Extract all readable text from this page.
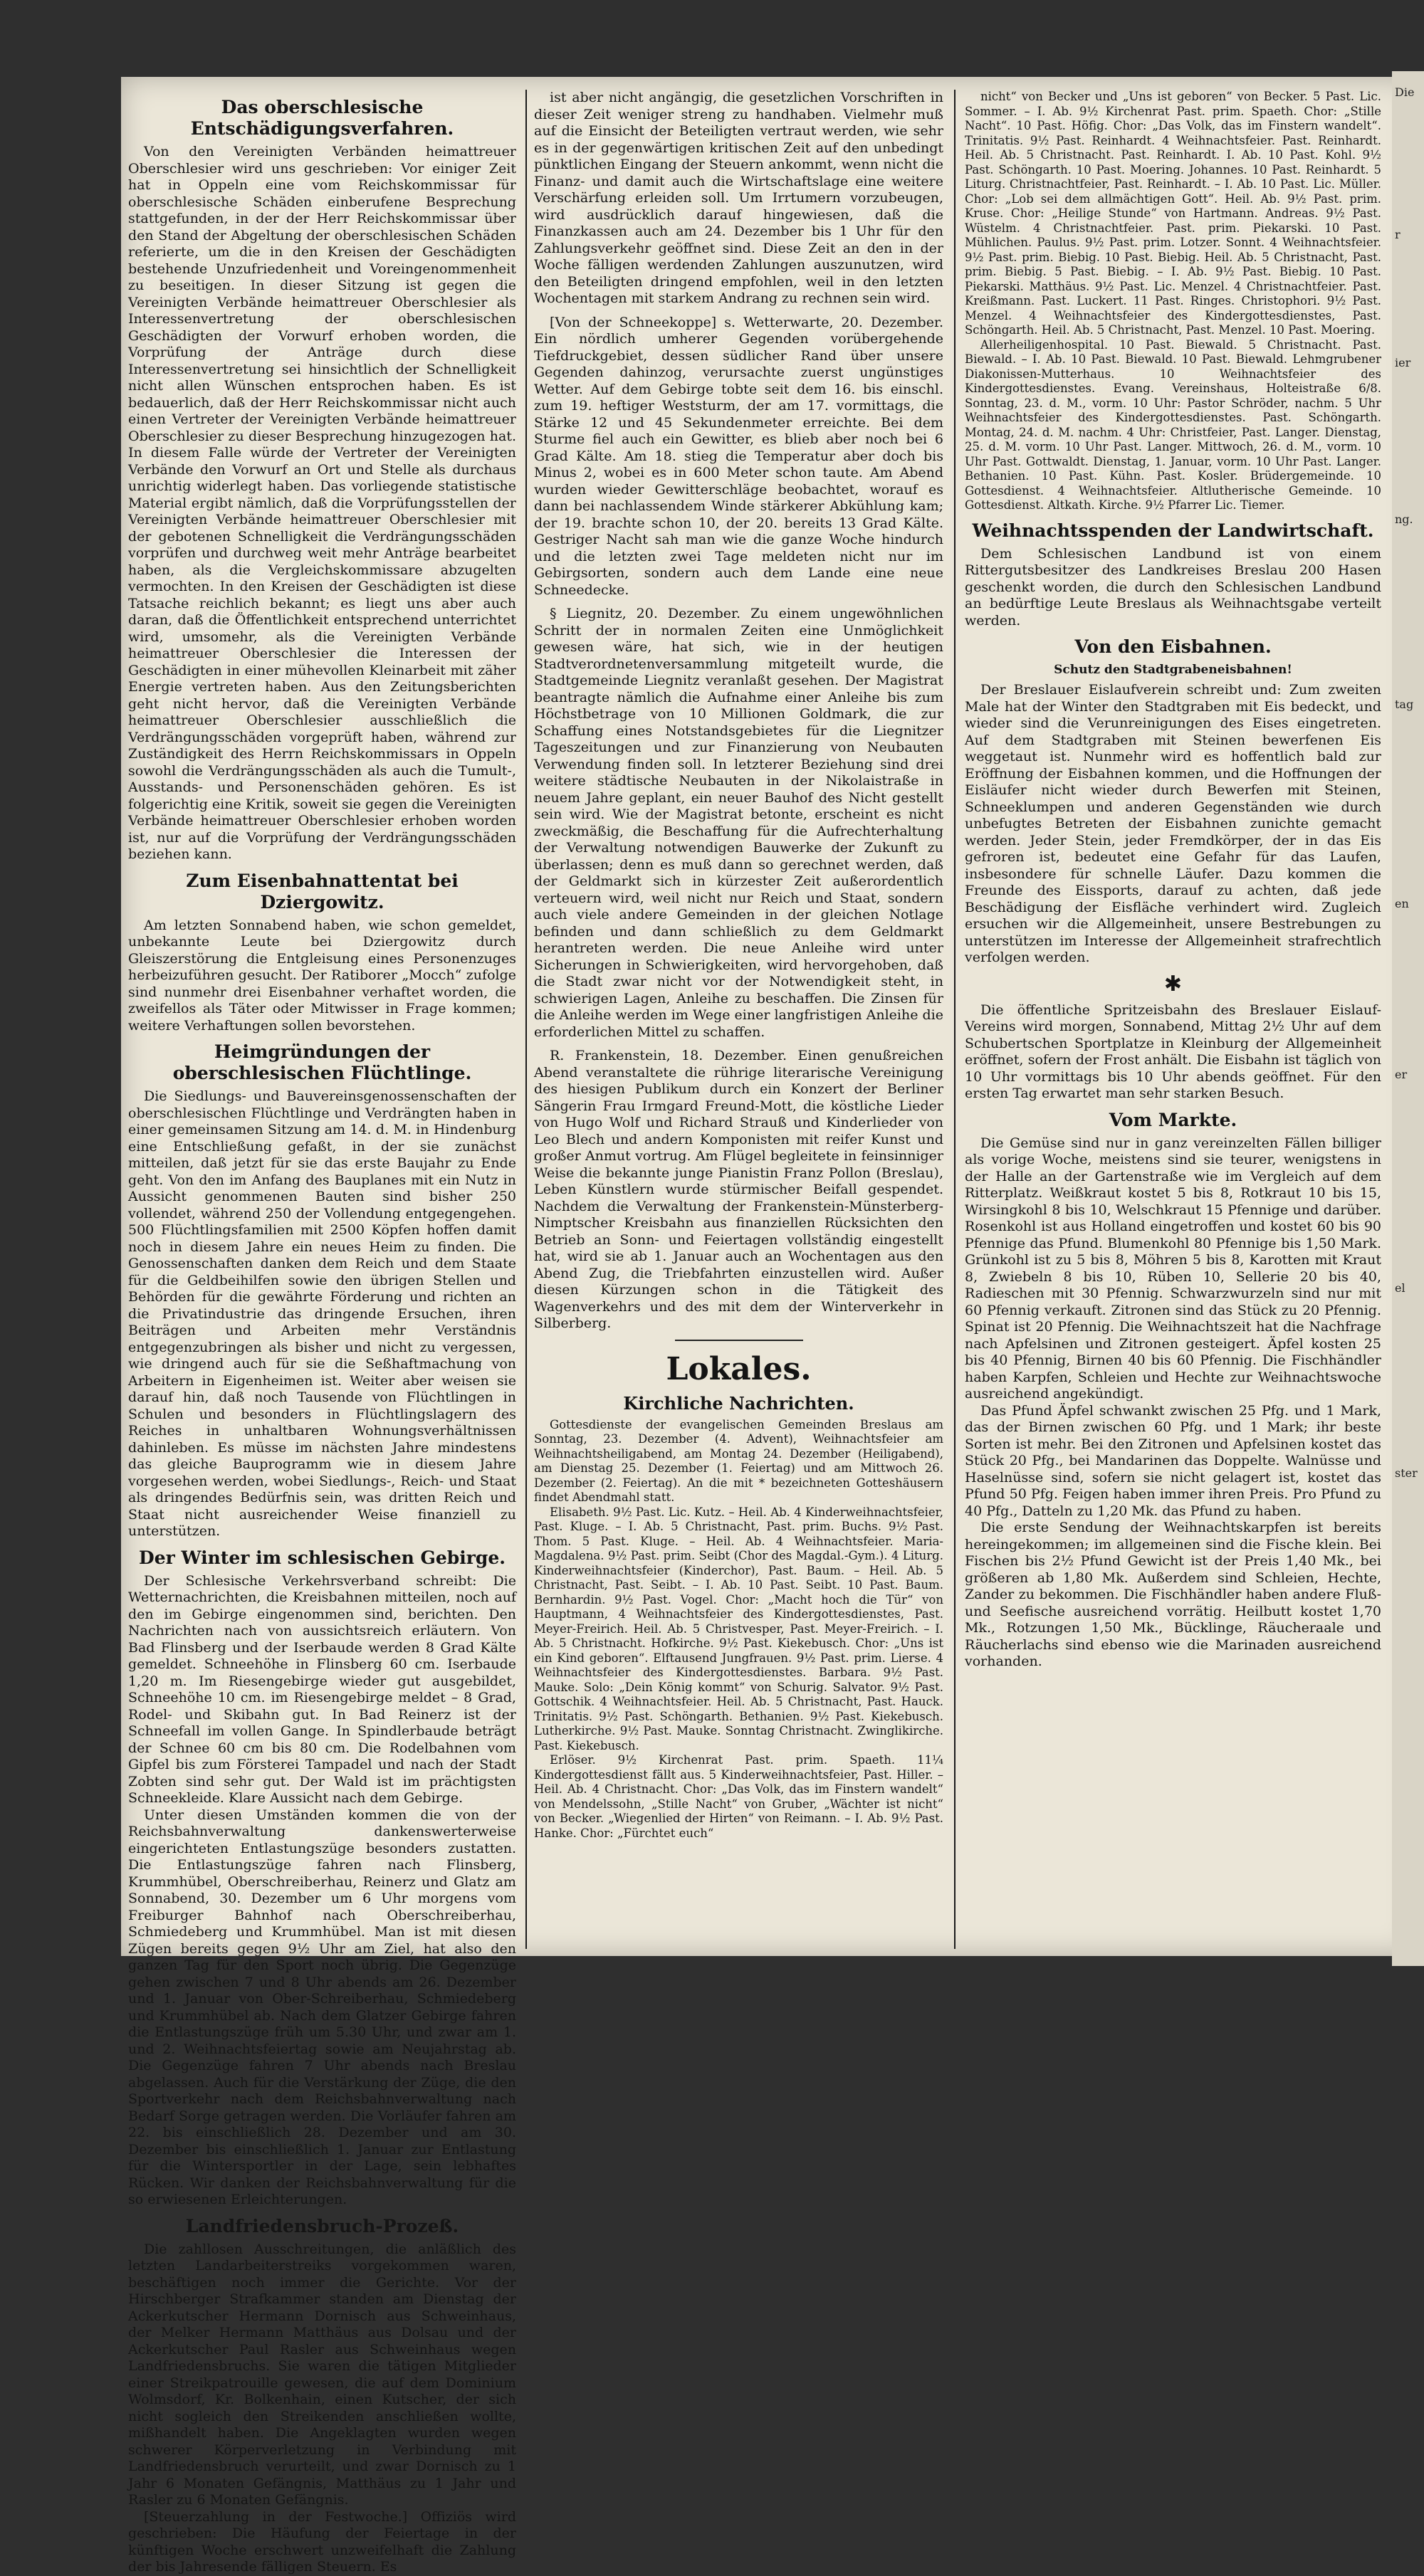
Das oberschlesische Entschädigungsverfahren.

Von den Vereinigten Verbänden heimattreuer Oberschlesier wird uns geschrieben: Vor einiger Zeit hat in Oppeln eine vom Reichskommissar für oberschlesische Schäden einberufene Besprechung stattgefunden, in der der Herr Reichskommissar über den Stand der Abgeltung der oberschlesischen Schäden referierte, um die in den Kreisen der Geschädigten bestehende Unzufriedenheit und Voreingenommenheit zu beseitigen. In dieser Sitzung ist gegen die Vereinigten Verbände heimattreuer Oberschlesier als Interessenvertretung der oberschlesischen Geschädigten der Vorwurf erhoben worden, die Vorprüfung der Anträge durch diese Interessenvertretung sei hinsichtlich der Schnelligkeit nicht allen Wünschen entsprochen haben. Es ist bedauerlich, daß der Herr Reichskommissar nicht auch einen Vertreter der Vereinigten Verbände heimattreuer Oberschlesier zu dieser Besprechung hinzugezogen hat. In diesem Falle würde der Vertreter der Vereinigten Verbände den Vorwurf an Ort und Stelle als durchaus unrichtig widerlegt haben. Das vorliegende statistische Material ergibt nämlich, daß die Vorprüfungsstellen der Vereinigten Verbände heimattreuer Oberschlesier mit der gebotenen Schnelligkeit die Verdrängungsschäden vorprüfen und durchweg weit mehr Anträge bearbeitet haben, als die Vergleichskommissare abzugelten vermochten. In den Kreisen der Geschädigten ist diese Tatsache reichlich bekannt; es liegt uns aber auch daran, daß die Öffentlichkeit entsprechend unterrichtet wird, umsomehr, als die Vereinigten Verbände heimattreuer Oberschlesier die Interessen der Geschädigten in einer mühevollen Kleinarbeit mit zäher Energie vertreten haben. Aus den Zeitungsberichten geht nicht hervor, daß die Vereinigten Verbände heimattreuer Oberschlesier ausschließlich die Verdrängungsschäden vorgeprüft haben, während zur Zuständigkeit des Herrn Reichskommissars in Oppeln sowohl die Verdrängungsschäden als auch die Tumult-, Ausstands- und Personenschäden gehören. Es ist folgerichtig eine Kritik, soweit sie gegen die Vereinigten Verbände heimattreuer Oberschlesier erhoben worden ist, nur auf die Vorprüfung der Verdrängungsschäden beziehen kann.

Zum Eisenbahnattentat bei Dziergowitz.

Am letzten Sonnabend haben, wie schon gemeldet, unbekannte Leute bei Dziergowitz durch Gleiszerstörung die Entgleisung eines Personenzuges herbeizuführen gesucht. Der Ratiborer „Mocch“ zufolge sind nunmehr drei Eisenbahner verhaftet worden, die zweifellos als Täter oder Mitwisser in Frage kommen; weitere Verhaftungen sollen bevorstehen.

Heimgründungen der oberschlesischen Flüchtlinge.

Die Siedlungs- und Bauvereinsgenossenschaften der oberschlesischen Flüchtlinge und Verdrängten haben in einer gemeinsamen Sitzung am 14. d. M. in Hindenburg eine Entschließung gefaßt, in der sie zunächst mitteilen, daß jetzt für sie das erste Baujahr zu Ende geht. Von den im Anfang des Bauplanes mit ein Nutz in Aussicht genommenen Bauten sind bisher 250 vollendet, während 250 der Vollendung entgegengehen. 500 Flüchtlingsfamilien mit 2500 Köpfen hoffen damit noch in diesem Jahre ein neues Heim zu finden. Die Genossenschaften danken dem Reich und dem Staate für die Geldbeihilfen sowie den übrigen Stellen und Behörden für die gewährte Förderung und richten an die Privatindustrie das dringende Ersuchen, ihren Beiträgen und Arbeiten mehr Verständnis entgegenzubringen als bisher und nicht zu vergessen, wie dringend auch für sie die Seßhaftmachung von Arbeitern in Eigenheimen ist. Weiter aber weisen sie darauf hin, daß noch Tausende von Flüchtlingen in Schulen und besonders in Flüchtlingslagern des Reiches in unhaltbaren Wohnungsverhältnissen dahinleben. Es müsse im nächsten Jahre mindestens das gleiche Bauprogramm wie in diesem Jahre vorgesehen werden, wobei Siedlungs-, Reich- und Staat als dringendes Bedürfnis sein, was dritten Reich und Staat nicht ausreichender Weise finanziell zu unterstützen.

Der Winter im schlesischen Gebirge.

Der Schlesische Verkehrsverband schreibt: Die Wetternachrichten, die Kreisbahnen mitteilen, noch auf den im Gebirge eingenommen sind, berichten. Den Nachrichten nach von aussichtsreich erläutern. Von Bad Flinsberg und der Iserbaude werden 8 Grad Kälte gemeldet. Schneehöhe in Flinsberg 60 cm. Iserbaude 1,20 m. Im Riesengebirge wieder gut ausgebildet, Schneehöhe 10 cm. im Riesengebirge meldet – 8 Grad, Rodel- und Skibahn gut. In Bad Reinerz ist der Schneefall im vollen Gange. In Spindlerbaude beträgt der Schnee 60 cm bis 80 cm. Die Rodelbahnen vom Gipfel bis zum Försterei Tampadel und nach der Stadt Zobten sind sehr gut. Der Wald ist im prächtigsten Schneekleide. Klare Aussicht nach dem Gebirge.

Unter diesen Umständen kommen die von der Reichsbahnverwaltung dankenswerterweise eingerichteten Entlastungszüge besonders zustatten. Die Entlastungszüge fahren nach Flinsberg, Krummhübel, Oberschreiberhau, Reinerz und Glatz am Sonnabend, 30. Dezember um 6 Uhr morgens vom Freiburger Bahnhof nach Oberschreiberhau, Schmiedeberg und Krummhübel. Man ist mit diesen Zügen bereits gegen 9½ Uhr am Ziel, hat also den ganzen Tag für den Sport noch übrig. Die Gegenzüge gehen zwischen 7 und 8 Uhr abends am 26. Dezember und 1. Januar von Ober-Schreiberhau, Schmiedeberg und Krummhübel ab. Nach dem Glatzer Gebirge fahren die Entlastungszüge früh um 5.30 Uhr, und zwar am 1. und 2. Weihnachtsfeiertag sowie am Neujahrstag ab. Die Gegenzüge fahren 7 Uhr abends nach Breslau abgelassen. Auch für die Verstärkung der Züge, die den Sportverkehr nach dem Reichsbahnverwaltung nach Bedarf Sorge getragen werden. Die Vorläufer fahren am 22. bis einschließlich 28. Dezember und am 30. Dezember bis einschließlich 1. Januar zur Entlastung für die Wintersportler in der Lage, sein lebhaftes Rücken. Wir danken der Reichsbahnverwaltung für die so erwiesenen Erleichterungen.

Landfriedensbruch-Prozeß.

Die zahllosen Ausschreitungen, die anläßlich des letzten Landarbeiterstreiks vorgekommen waren, beschäftigen noch immer die Gerichte. Vor der Hirschberger Strafkammer standen am Dienstag der Ackerkutscher Hermann Dornisch aus Schweinhaus, der Melker Hermann Matthäus aus Dolsau und der Ackerkutscher Paul Rasler aus Schweinhaus wegen Landfriedensbruchs. Sie waren die tätigen Mitglieder einer Streikpatrouille gewesen, die auf dem Dominium Wolmsdorf, Kr. Bolkenhain, einen Kutscher, der sich nicht sogleich den Streikenden anschließen wollte, mißhandelt haben. Die Angeklagten wurden wegen schwerer Körperverletzung in Verbindung mit Landfriedensbruch verurteilt, und zwar Dornisch zu 1 Jahr 6 Monaten Gefängnis, Matthäus zu 1 Jahr und Rasler zu 6 Monaten Gefängnis.

[Steuerzahlung in der Festwoche.] Offiziös wird geschrieben: Die Häufung der Feiertage in der künftigen Woche erschwert unzweifelhaft die Zahlung der bis Jahresende fälligen Steuern. Es

ist aber nicht angängig, die gesetzlichen Vorschriften in dieser Zeit weniger streng zu handhaben. Vielmehr muß auf die Einsicht der Beteiligten vertraut werden, wie sehr es in der gegenwärtigen kritischen Zeit auf den unbedingt pünktlichen Eingang der Steuern ankommt, wenn nicht die Finanz- und damit auch die Wirtschaftslage eine weitere Verschärfung erleiden soll. Um Irrtumern vorzubeugen, wird ausdrücklich darauf hingewiesen, daß die Finanzkassen auch am 24. Dezember bis 1 Uhr für den Zahlungsverkehr geöffnet sind. Diese Zeit an den in der Woche fälligen werdenden Zahlungen auszunutzen, wird den Beteiligten dringend empfohlen, weil in den letzten Wochentagen mit starkem Andrang zu rechnen sein wird.

[Von der Schneekoppe] s. Wetterwarte, 20. Dezember. Ein nördlich umherer Gegenden vorübergehende Tiefdruckgebiet, dessen südlicher Rand über unsere Gegenden dahinzog, verursachte zuerst ungünstiges Wetter. Auf dem Gebirge tobte seit dem 16. bis einschl. zum 19. heftiger Weststurm, der am 17. vormittags, die Stärke 12 und 45 Sekundenmeter erreichte. Bei dem Sturme fiel auch ein Gewitter, es blieb aber noch bei 6 Grad Kälte. Am 18. stieg die Temperatur aber doch bis Minus 2, wobei es in 600 Meter schon taute. Am Abend wurden wieder Gewitterschläge beobachtet, worauf es dann bei nachlassendem Winde stärkerer Abkühlung kam; der 19. brachte schon 10, der 20. bereits 13 Grad Kälte. Gestriger Nacht sah man wie die ganze Woche hindurch und die letzten zwei Tage meldeten nicht nur im Gebirgsorten, sondern auch dem Lande eine neue Schneedecke.

§ Liegnitz, 20. Dezember. Zu einem ungewöhnlichen Schritt der in normalen Zeiten eine Unmöglichkeit gewesen wäre, hat sich, wie in der heutigen Stadtverordnetenversammlung mitgeteilt wurde, die Stadtgemeinde Liegnitz veranlaßt gesehen. Der Magistrat beantragte nämlich die Aufnahme einer Anleihe bis zum Höchstbetrage von 10 Millionen Goldmark, die zur Schaffung eines Notstandsgebietes für die Liegnitzer Tageszeitungen und zur Finanzierung von Neubauten Verwendung finden soll. In letzterer Beziehung sind drei weitere städtische Neubauten in der Nikolaistraße in neuem Jahre geplant, ein neuer Bauhof des Nicht gestellt sein wird. Wie der Magistrat betonte, erscheint es nicht zweckmäßig, die Beschaffung für die Aufrechterhaltung der Verwaltung notwendigen Bauwerke der Zukunft zu überlassen; denn es muß dann so gerechnet werden, daß der Geldmarkt sich in kürzester Zeit außerordentlich verteuern wird, weil nicht nur Reich und Staat, sondern auch viele andere Gemeinden in der gleichen Notlage befinden und dann schließlich zu dem Geldmarkt herantreten werden. Die neue Anleihe wird unter Sicherungen in Schwierigkeiten, wird hervorgehoben, daß die Stadt zwar nicht vor der Notwendigkeit steht, in schwierigen Lagen, Anleihe zu beschaffen. Die Zinsen für die Anleihe werden im Wege einer langfristigen Anleihe die erforderlichen Mittel zu schaffen.

R. Frankenstein, 18. Dezember. Einen genußreichen Abend veranstaltete die rührige literarische Vereinigung des hiesigen Publikum durch ein Konzert der Berliner Sängerin Frau Irmgard Freund-Mott, die köstliche Lieder von Hugo Wolf und Richard Strauß und Kinderlieder von Leo Blech und andern Komponisten mit reifer Kunst und großer Anmut vortrug. Am Flügel begleitete in feinsinniger Weise die bekannte junge Pianistin Franz Pollon (Breslau), Leben Künstlern wurde stürmischer Beifall gespendet. Nachdem die Verwaltung der Frankenstein-Münsterberg-Nimptscher Kreisbahn aus finanziellen Rücksichten den Betrieb an Sonn- und Feiertagen vollständig eingestellt hat, wird sie ab 1. Januar auch an Wochentagen aus den Abend Zug, die Triebfahrten einzustellen wird. Außer diesen Kürzungen schon in die Tätigkeit des Wagenverkehrs und des mit dem der Winterverkehr in Silberberg.

Lokales.
Kirchliche Nachrichten.

Gottesdienste der evangelischen Gemeinden Breslaus am Sonntag, 23. Dezember (4. Advent), Weihnachtsfeier am Weihnachtsheiligabend, am Montag 24. Dezember (Heiligabend), am Dienstag 25. Dezember (1. Feiertag) und am Mittwoch 26. Dezember (2. Feiertag). An die mit * bezeichneten Gotteshäusern findet Abendmahl statt.

Elisabeth. 9½ Past. Lic. Kutz. – Heil. Ab. 4 Kinderweihnachtsfeier, Past. Kluge. – I. Ab. 5 Christnacht, Past. prim. Buchs. 9½ Past. Thom. 5 Past. Kluge. – Heil. Ab. 4 Weihnachtsfeier. Maria-Magdalena. 9½ Past. prim. Seibt (Chor des Magdal.-Gym.). 4 Liturg. Kinderweihnachtsfeier (Kinderchor), Past. Baum. – Heil. Ab. 5 Christnacht, Past. Seibt. – I. Ab. 10 Past. Seibt. 10 Past. Baum. Bernhardin. 9½ Past. Vogel. Chor: „Macht hoch die Tür“ von Hauptmann, 4 Weihnachtsfeier des Kindergottesdienstes, Past. Meyer-Freirich. Heil. Ab. 5 Christvesper, Past. Meyer-Freirich. – I. Ab. 5 Christnacht. Hofkirche. 9½ Past. Kiekebusch. Chor: „Uns ist ein Kind geboren“. Elftausend Jungfrauen. 9½ Past. prim. Lierse. 4 Weihnachtsfeier des Kindergottesdienstes. Barbara. 9½ Past. Mauke. Solo: „Dein König kommt“ von Schurig. Salvator. 9½ Past. Gottschik. 4 Weihnachtsfeier. Heil. Ab. 5 Christnacht, Past. Hauck. Trinitatis. 9½ Past. Schöngarth. Bethanien. 9½ Past. Kiekebusch. Lutherkirche. 9½ Past. Mauke. Sonntag Christnacht. Zwinglikirche. Past. Kiekebusch.

Erlöser. 9½ Kirchenrat Past. prim. Spaeth. 11¼ Kindergottesdienst fällt aus. 5 Kinderweihnachtsfeier, Past. Hiller. – Heil. Ab. 4 Christnacht. Chor: „Das Volk, das im Finstern wandelt“ von Mendelssohn, „Stille Nacht“ von Gruber, „Wächter ist nicht“ von Becker. „Wiegenlied der Hirten“ von Reimann. – I. Ab. 9½ Past. Hanke. Chor: „Fürchtet euch“

nicht“ von Becker und „Uns ist geboren“ von Becker. 5 Past. Lic. Sommer. – I. Ab. 9½ Kirchenrat Past. prim. Spaeth. Chor: „Stille Nacht“. 10 Past. Höfig. Chor: „Das Volk, das im Finstern wandelt“. Trinitatis. 9½ Past. Reinhardt. 4 Weihnachtsfeier. Past. Reinhardt. Heil. Ab. 5 Christnacht. Past. Reinhardt. I. Ab. 10 Past. Kohl. 9½ Past. Schöngarth. 10 Past. Moering. Johannes. 10 Past. Reinhardt. 5 Liturg. Christnachtfeier, Past. Reinhardt. – I. Ab. 10 Past. Lic. Müller. Chor: „Lob sei dem allmächtigen Gott“. Heil. Ab. 9½ Past. prim. Kruse. Chor: „Heilige Stunde“ von Hartmann. Andreas. 9½ Past. Wüstelm. 4 Christnachtfeier. Past. prim. Piekarski. 10 Past. Mühlichen. Paulus. 9½ Past. prim. Lotzer. Sonnt. 4 Weihnachtsfeier. 9½ Past. prim. Biebig. 10 Past. Biebig. Heil. Ab. 5 Christnacht, Past. prim. Biebig. 5 Past. Biebig. – I. Ab. 9½ Past. Biebig. 10 Past. Piekarski. Matthäus. 9½ Past. Lic. Menzel. 4 Christnachtfeier. Past. Kreißmann. Past. Luckert. 11 Past. Ringes. Christophori. 9½ Past. Menzel. 4 Weihnachtsfeier des Kindergottesdienstes, Past. Schöngarth. Heil. Ab. 5 Christnacht, Past. Menzel. 10 Past. Moering.

Allerheiligenhospital. 10 Past. Biewald. 5 Christnacht. Past. Biewald. – I. Ab. 10 Past. Biewald. 10 Past. Biewald. Lehmgrubener Diakonissen-Mutterhaus. 10 Weihnachtsfeier des Kindergottesdienstes. Evang. Vereinshaus, Holteistraße 6/8. Sonntag, 23. d. M., vorm. 10 Uhr: Pastor Schröder, nachm. 5 Uhr Weihnachtsfeier des Kindergottesdienstes. Past. Schöngarth. Montag, 24. d. M. nachm. 4 Uhr: Christfeier, Past. Langer. Dienstag, 25. d. M. vorm. 10 Uhr Past. Langer. Mittwoch, 26. d. M., vorm. 10 Uhr Past. Gottwaldt. Dienstag, 1. Januar, vorm. 10 Uhr Past. Langer. Bethanien. 10 Past. Kühn. Past. Kosler. Brüdergemeinde. 10 Gottesdienst. 4 Weihnachtsfeier. Altlutherische Gemeinde. 10 Gottesdienst. Altkath. Kirche. 9½ Pfarrer Lic. Tiemer.

Weihnachtsspenden der Landwirtschaft.

Dem Schlesischen Landbund ist von einem Rittergutsbesitzer des Landkreises Breslau 200 Hasen geschenkt worden, die durch den Schlesischen Landbund an bedürftige Leute Breslaus als Weihnachtsgabe verteilt werden.

Von den Eisbahnen.
Schutz den Stadtgrabeneisbahnen!

Der Breslauer Eislaufverein schreibt und: Zum zweiten Male hat der Winter den Stadtgraben mit Eis bedeckt, und wieder sind die Verunreinigungen des Eises eingetreten. Auf dem Stadtgraben mit Steinen bewerfenen Eis weggetaut ist. Nunmehr wird es hoffentlich bald zur Eröffnung der Eisbahnen kommen, und die Hoffnungen der Eisläufer nicht wieder durch Bewerfen mit Steinen, Schneeklumpen und anderen Gegenständen wie durch unbefugtes Betreten der Eisbahnen zunichte gemacht werden. Jeder Stein, jeder Fremdkörper, der in das Eis gefroren ist, bedeutet eine Gefahr für das Laufen, insbesondere für schnelle Läufer. Dazu kommen die Freunde des Eissports, darauf zu achten, daß jede Beschädigung der Eisfläche verhindert wird. Zugleich ersuchen wir die Allgemeinheit, unsere Bestrebungen zu unterstützen im Interesse der Allgemeinheit strafrechtlich verfolgen werden.

✱

Die öffentliche Spritzeisbahn des Breslauer Eislauf-Vereins wird morgen, Sonnabend, Mittag 2½ Uhr auf dem Schubertschen Sportplatze in Kleinburg der Allgemeinheit eröffnet, sofern der Frost anhält. Die Eisbahn ist täglich von 10 Uhr vormittags bis 10 Uhr abends geöffnet. Für den ersten Tag erwartet man sehr starken Besuch.

Vom Markte.

Die Gemüse sind nur in ganz vereinzelten Fällen billiger als vorige Woche, meistens sind sie teurer, wenigstens in der Halle an der Gartenstraße wie im Vergleich auf dem Ritterplatz. Weißkraut kostet 5 bis 8, Rotkraut 10 bis 15, Wirsingkohl 8 bis 10, Welschkraut 15 Pfennige und darüber. Rosenkohl ist aus Holland eingetroffen und kostet 60 bis 90 Pfennige das Pfund. Blumenkohl 80 Pfennige bis 1,50 Mark. Grünkohl ist zu 5 bis 8, Möhren 5 bis 8, Karotten mit Kraut 8, Zwiebeln 8 bis 10, Rüben 10, Sellerie 20 bis 40, Radieschen mit 30 Pfennig. Schwarzwurzeln sind nur mit 60 Pfennig verkauft. Zitronen sind das Stück zu 20 Pfennig. Spinat ist 20 Pfennig. Die Weihnachtszeit hat die Nachfrage nach Apfelsinen und Zitronen gesteigert. Äpfel kosten 25 bis 40 Pfennig, Birnen 40 bis 60 Pfennig. Die Fischhändler haben Karpfen, Schleien und Hechte zur Weihnachtswoche ausreichend angekündigt.

Das Pfund Äpfel schwankt zwischen 25 Pfg. und 1 Mark, das der Birnen zwischen 60 Pfg. und 1 Mark; ihr beste Sorten ist mehr. Bei den Zitronen und Apfelsinen kostet das Stück 20 Pfg., bei Mandarinen das Doppelte. Walnüsse und Haselnüsse sind, sofern sie nicht gelagert ist, kostet das Pfund 50 Pfg. Feigen haben immer ihren Preis. Pro Pfund zu 40 Pfg., Datteln zu 1,20 Mk. das Pfund zu haben.

Die erste Sendung der Weihnachtskarpfen ist bereits hereingekommen; im allgemeinen sind die Fische klein. Bei Fischen bis 2½ Pfund Gewicht ist der Preis 1,40 Mk., bei größeren ab 1,80 Mk. Außerdem sind Schleien, Hechte, Zander zu bekommen. Die Fischhändler haben andere Fluß- und Seefische ausreichend vorrätig. Heilbutt kostet 1,70 Mk., Rotzungen 1,50 Mk., Bücklinge, Räucheraale und Räucherlachs sind ebenso wie die Marinaden ausreichend vorhanden.

Die

r

ier

ng.

tag

en

er

el

ster
